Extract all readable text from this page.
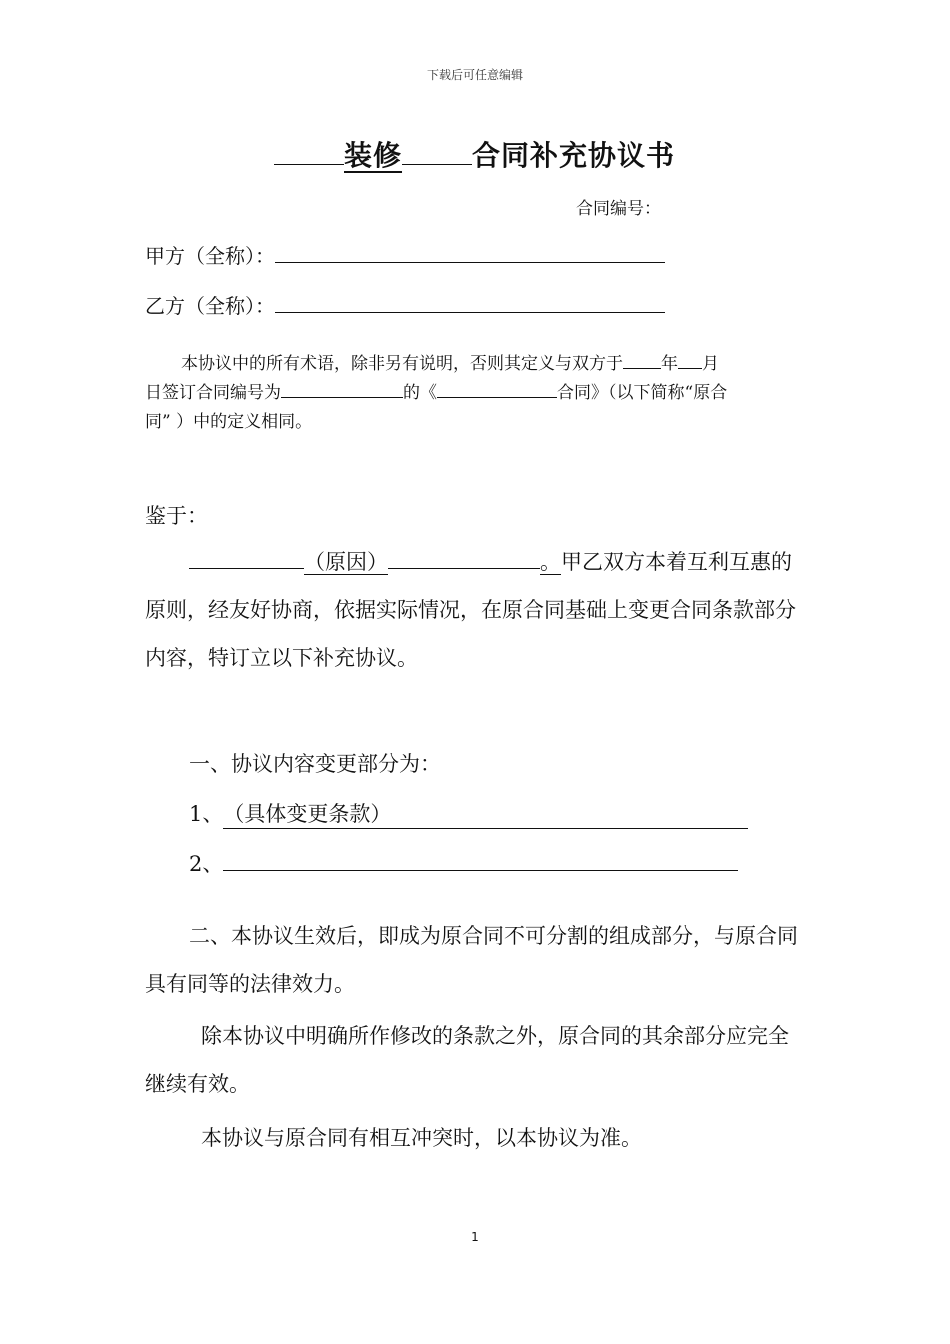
下载后可任意编辑
装修	合同补充协议书
合同编号：
甲方（全称）：
乙方（全称）：
本协议中的所有术语，除非另有说明，否则其定义与双方于 年 月
日签订合同编号为	的《	合同》（以下简称“原合
同” ）中的定义相同。
鉴于：
（原因）	。甲乙双方本着互利互惠的原则，经友好协商，依据实际情况，在原合同基础上变更合同条款部分内容，特订立以下补充协议。
一、协议内容变更部分为：
1、（具体变更条款）
2、
二、本协议生效后，即成为原合同不可分割的组成部分，与原合同具有同等的法律效力。
除本协议中明确所作修改的条款之外，原合同的其余部分应完全继续有效。
本协议与原合同有相互冲突时，以本协议为准。
1
